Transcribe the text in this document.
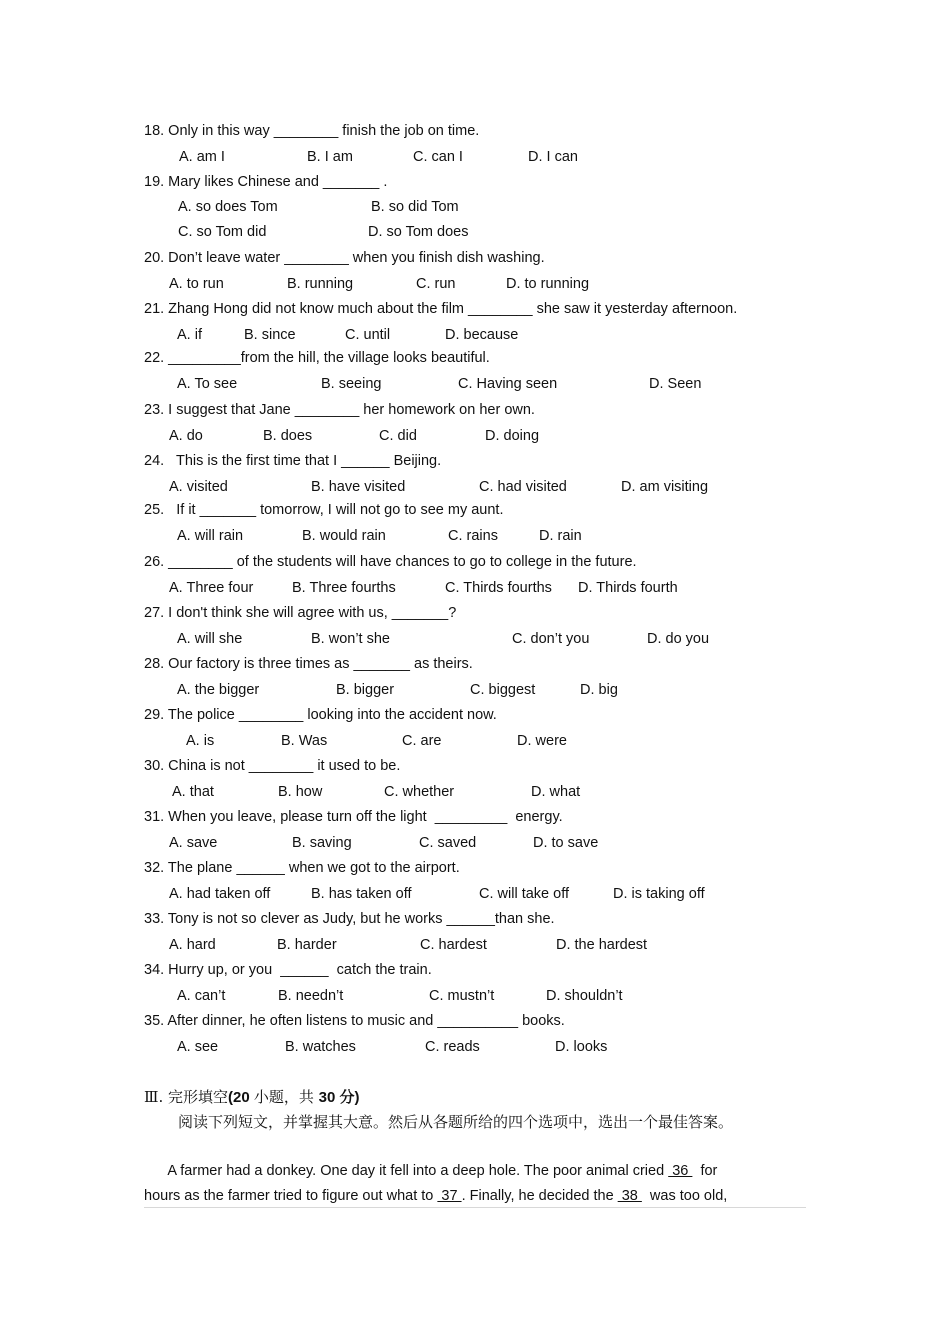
18. Only in this way ________ finish the job on time.
A. am I	B. I am	C. can I	D. I can
19. Mary likes Chinese and _______ .
A. so does Tom	B. so did Tom
C. so Tom did	D. so Tom does
20. Don’t leave water ________ when you finish dish washing.
A. to run	B. running	C. run	D. to running
21. Zhang Hong did not know much about the film ________ she saw it yesterday afternoon.
A. if	B. since	C. until	D. because
22. _________from the hill, the village looks beautiful.
A. To see	B. seeing	C. Having seen	D. Seen
23. I suggest that Jane ________ her homework on her own.
A. do	B. does	C. did	D. doing
24.   This is the first time that I ______ Beijing.
A. visited	B. have visited	C. had visited	D. am visiting
25.   If it _______ tomorrow, I will not go to see my aunt.
A. will rain	B. would rain	C. rains	D. rain
26. ________ of the students will have chances to go to college in the future.
A. Three four	B. Three fourths	C. Thirds fourths D. Thirds fourth
27. I don't think she will agree with us, _______?
A. will she	B. won’t she	C. don’t you	D. do you
28. Our factory is three times as _______ as theirs.
A. the bigger	B. bigger	C. biggest	D. big
29. The police ________ looking into the accident now.
A. is	B. Was	C. are	D. were
30. China is not ________ it used to be.
A. that	B. how	C. whether	D. what
31. When you leave, please turn off the light  _________  energy.
A. save	B. saving	C. saved	D. to save
32. The plane ______ when we got to the airport.
A. had taken off	B. has taken off	C. will take off	D. is taking off
33. Tony is not so clever as Judy, but he works ______than she.
A. hard	B. harder	C. hardest	D. the hardest
34. Hurry up, or you  ______  catch the train.
A. can’t	B. needn’t	C. mustn’t	D. shouldn’t
35. After dinner, he often listens to music and __________ books.
A. see	B. watches	C. reads	D. looks
Ⅲ. 完形填空(20 小题，共 30 分)
阅读下列短文，并掌握其大意。然后从各题所给的四个选项中，选出一个最佳答案。
A farmer had a donkey. One day it fell into a deep hole. The poor animal cried  36   for
hours as the farmer tried to figure out what to  37 . Finally, he decided the  38   was too old,
